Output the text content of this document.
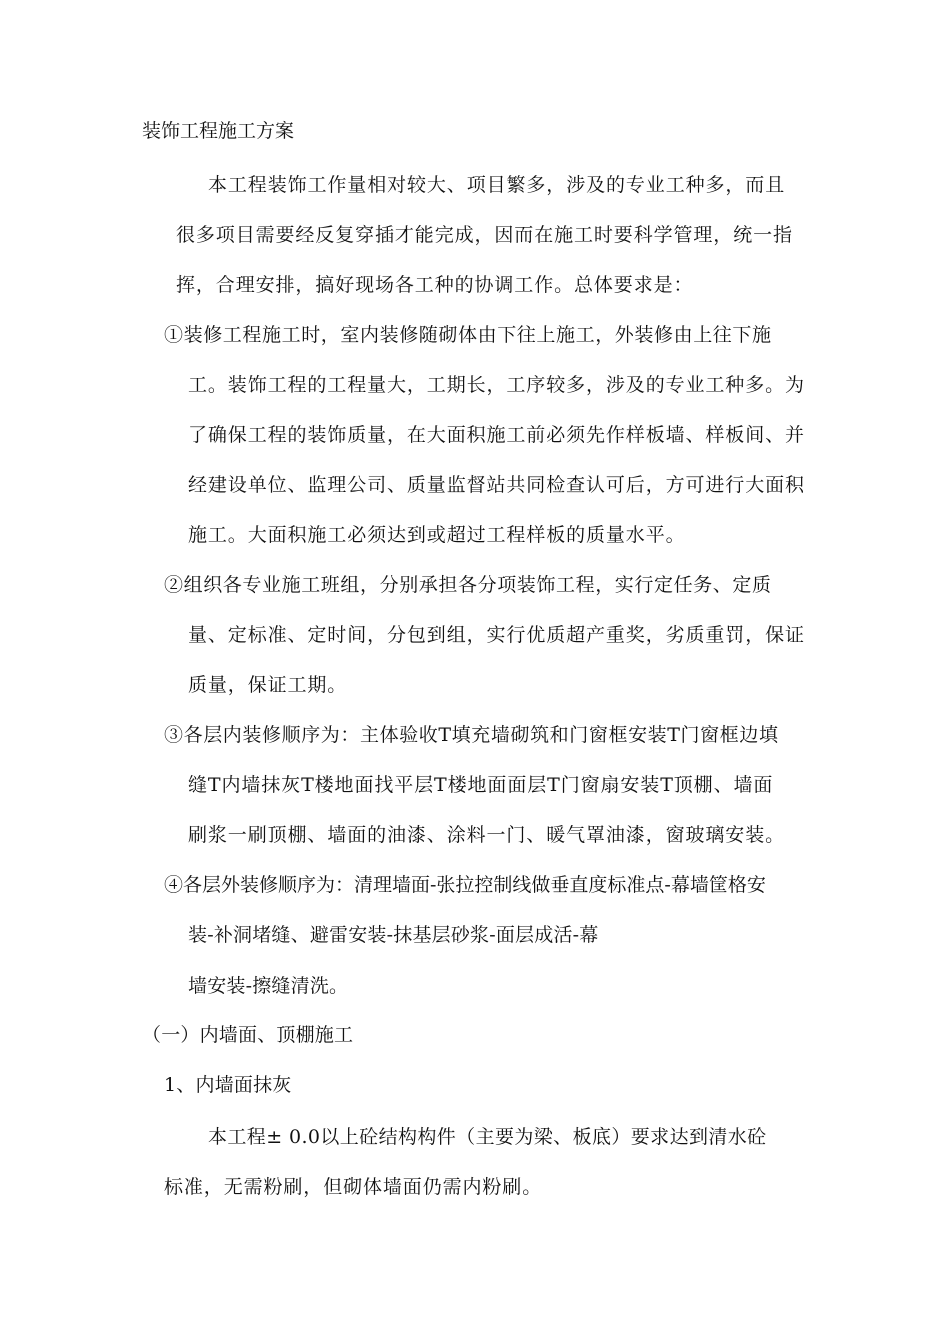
装饰工程施工方案
本工程装饰工作量相对较大、项目繁多，涉及的专业工种多，而且
很多项目需要经反复穿插才能完成，因而在施工时要科学管理，统一指
挥，合理安排，搞好现场各工种的协调工作。总体要求是：
①装修工程施工时，室内装修随砌体由下往上施工，外装修由上往下施
工。装饰工程的工程量大，工期长，工序较多，涉及的专业工种多。为
了确保工程的装饰质量，在大面积施工前必须先作样板墙、样板间、并
经建设单位、监理公司、质量监督站共同检查认可后，方可进行大面积
施工。大面积施工必须达到或超过工程样板的质量水平。
②组织各专业施工班组，分别承担各分项装饰工程，实行定任务、定质
量、定标准、定时间，分包到组，实行优质超产重奖，劣质重罚，保证
质量，保证工期。
③各层内装修顺序为：主体验收T填充墙砌筑和门窗框安装T门窗框边填
缝T内墙抹灰T楼地面找平层T楼地面面层T门窗扇安装T顶棚、墙面
刷浆一刷顶棚、墙面的油漆、涂料一门、暖气罩油漆，窗玻璃安装。
④各层外装修顺序为：清理墙面-张拉控制线做垂直度标准点-幕墙筐格安
装-补洞堵缝、避雷安装-抹基层砂浆-面层成活-幕
墙安装-擦缝清洗。
（一）内墙面、顶棚施工
1、内墙面抹灰
本工程± 0.0以上砼结构构件（主要为梁、板底）要求达到清水砼
标准，无需粉刷，但砌体墙面仍需内粉刷。
